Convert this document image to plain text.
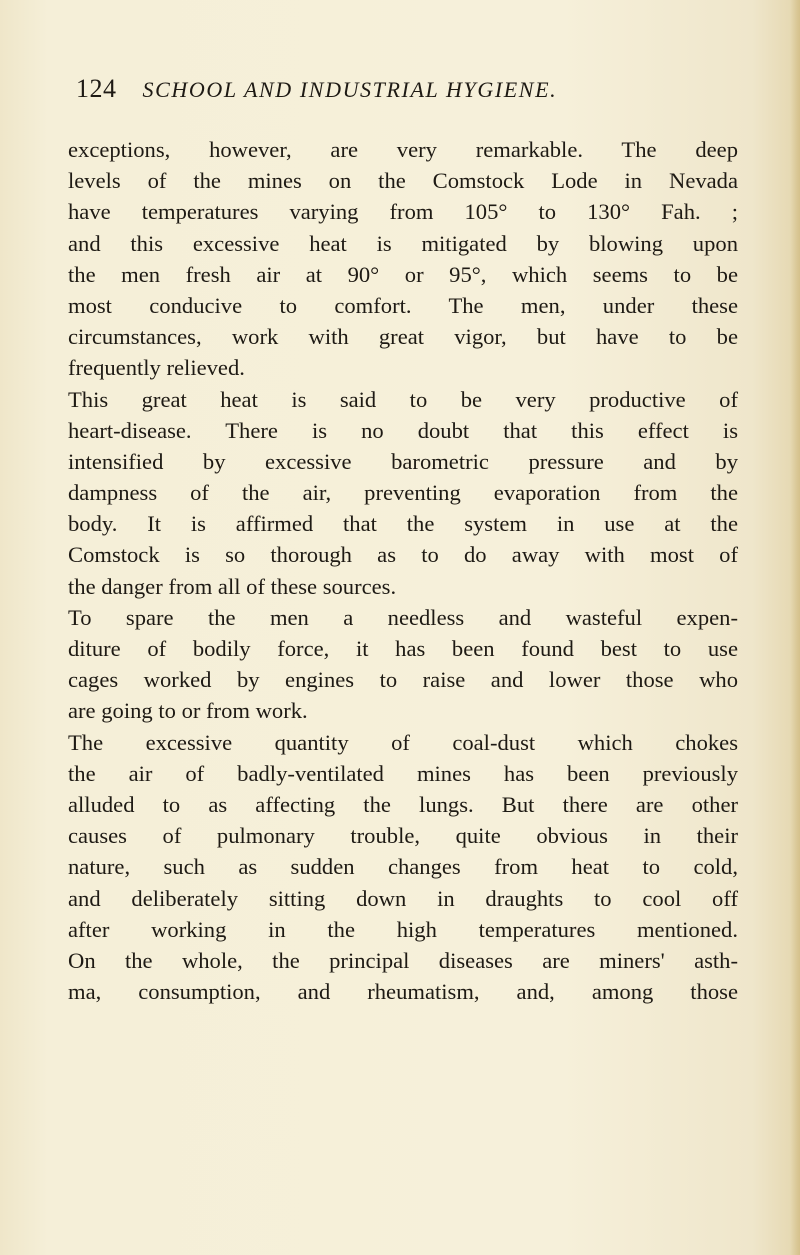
124 SCHOOL AND INDUSTRIAL HYGIENE.
exceptions, however, are very remarkable. The deep
levels of the mines on the Comstock Lode in Nevada
have temperatures varying from 105° to 130° Fah. ;
and this excessive heat is mitigated by blowing upon
the men fresh air at 90° or 95°, which seems to be
most conducive to comfort. The men, under these
circumstances, work with great vigor, but have to be
frequently relieved.
This great heat is said to be very productive of
heart-disease. There is no doubt that this effect is
intensified by excessive barometric pressure and by
dampness of the air, preventing evaporation from the
body. It is affirmed that the system in use at the
Comstock is so thorough as to do away with most of
the danger from all of these sources.
To spare the men a needless and wasteful expen-
diture of bodily force, it has been found best to use
cages worked by engines to raise and lower those who
are going to or from work.
The excessive quantity of coal-dust which chokes
the air of badly-ventilated mines has been previously
alluded to as affecting the lungs. But there are other
causes of pulmonary trouble, quite obvious in their
nature, such as sudden changes from heat to cold,
and deliberately sitting down in draughts to cool off
after working in the high temperatures mentioned.
On the whole, the principal diseases are miners' asth-
ma, consumption, and rheumatism, and, among those
